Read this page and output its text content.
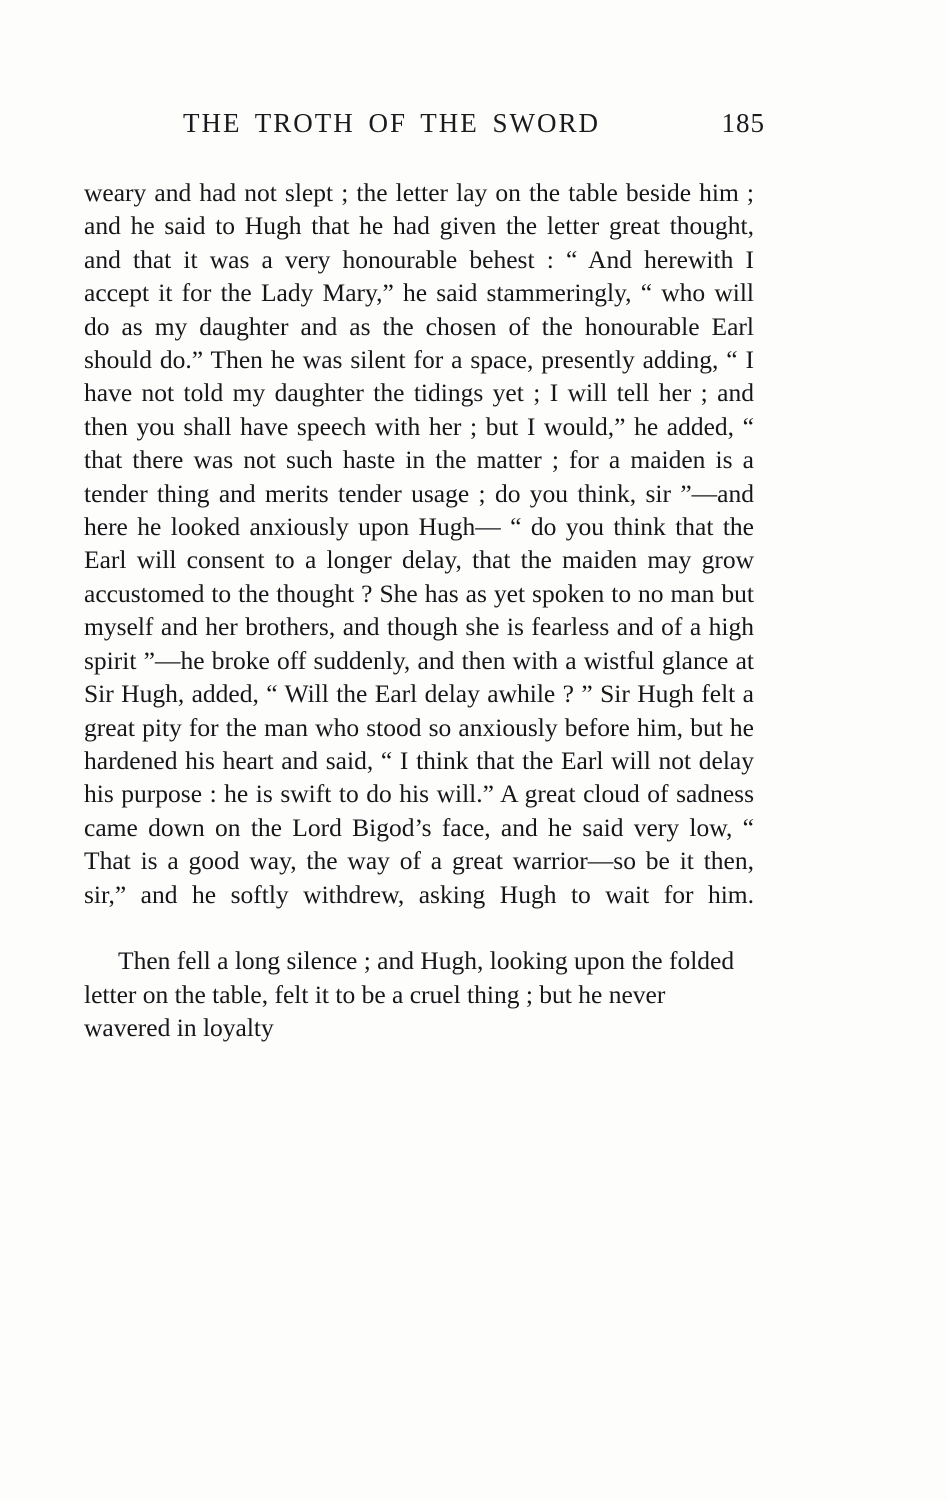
THE TROTH OF THE SWORD	185

weary and had not slept ; the letter lay on the table beside him ; and he said to Hugh that he had given the letter great thought, and that it was a very honourable behest : “ And herewith I accept it for the Lady Mary,” he said stammeringly, “ who will do as my daughter and as the chosen of the honourable Earl should do.” Then he was silent for a space, presently adding, “ I have not told my daughter the tidings yet ; I will tell her ; and then you shall have speech with her ; but I would,” he added, “ that there was not such haste in the matter ; for a maiden is a tender thing and merits tender usage ; do you think, sir ”—and here he looked anxiously upon Hugh— “ do you think that the Earl will consent to a longer delay, that the maiden may grow accustomed to the thought ? She has as yet spoken to no man but myself and her brothers, and though she is fearless and of a high spirit ”—he broke off suddenly, and then with a wistful glance at Sir Hugh, added, “ Will the Earl delay awhile ? ” Sir Hugh felt a great pity for the man who stood so anxiously before him, but he hardened his heart and said, “ I think that the Earl will not delay his purpose : he is swift to do his will.” A great cloud of sadness came down on the Lord Bigod’s face, and he said very low, “ That is a good way, the way of a great warrior—so be it then, sir,” and he softly withdrew, asking Hugh to wait for him.

Then fell a long silence ; and Hugh, looking upon the folded letter on the table, felt it to be a cruel thing ; but he never wavered in loyalty
